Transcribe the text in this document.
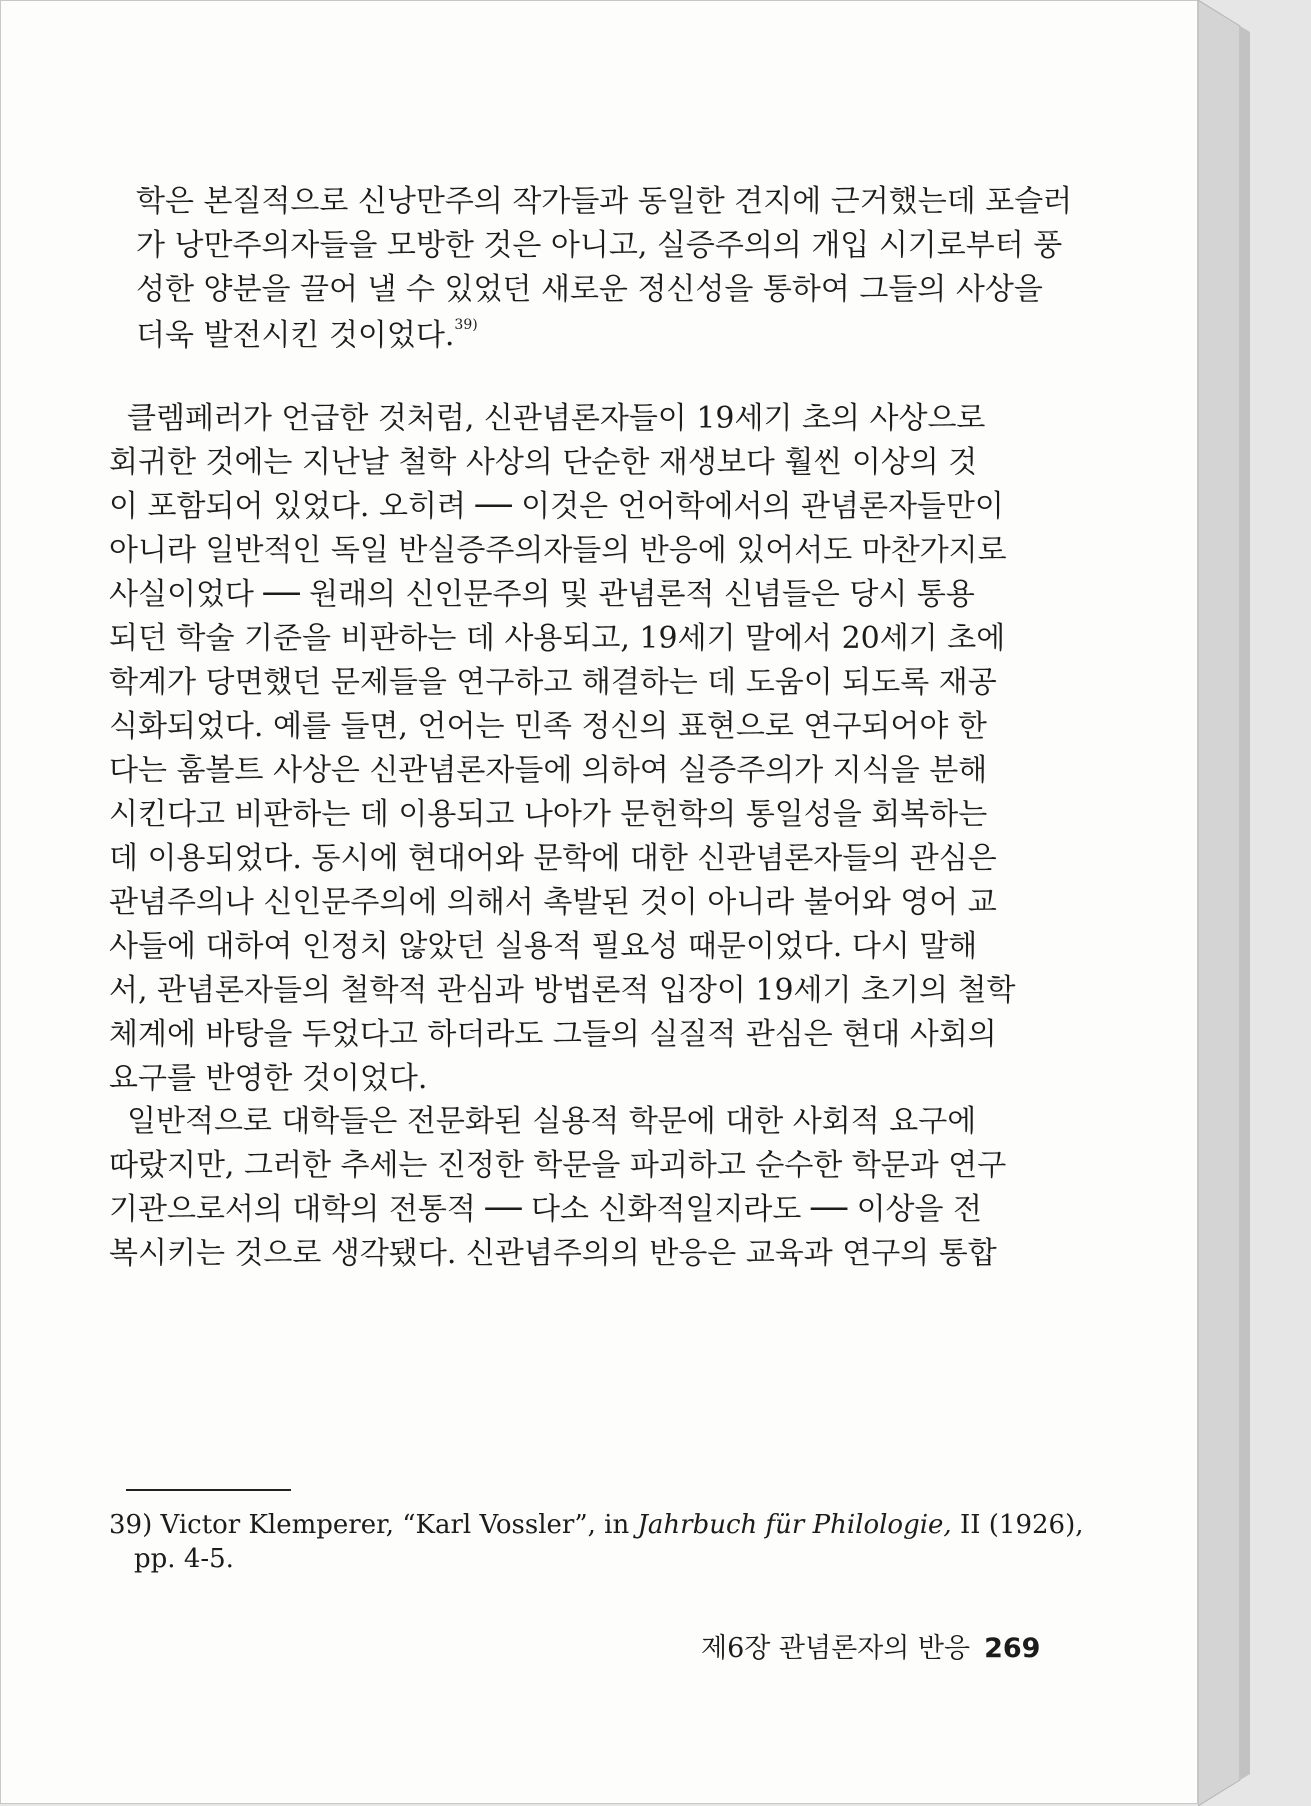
학은 본질적으로 신낭만주의 작가들과 동일한 견지에 근거했는데 포슬러
가 낭만주의자들을 모방한 것은 아니고, 실증주의의 개입 시기로부터 풍
성한 양분을 끌어 낼 수 있었던 새로운 정신성을 통하여 그들의 사상을
더욱 발전시킨 것이었다.$^{39)}$
클렘페러가 언급한 것처럼, 신관념론자들이 19세기 초의 사상으로
회귀한 것에는 지난날 철학 사상의 단순한 재생보다 훨씬 이상의 것
이 포함되어 있었다. 오히려 ── 이것은 언어학에서의 관념론자들만이
아니라 일반적인 독일 반실증주의자들의 반응에 있어서도 마찬가지로
사실이었다 ── 원래의 신인문주의 및 관념론적 신념들은 당시 통용
되던 학술 기준을 비판하는 데 사용되고, 19세기 말에서 20세기 초에
학계가 당면했던 문제들을 연구하고 해결하는 데 도움이 되도록 재공
식화되었다. 예를 들면, 언어는 민족 정신의 표현으로 연구되어야 한
다는 훔볼트 사상은 신관념론자들에 의하여 실증주의가 지식을 분해
시킨다고 비판하는 데 이용되고 나아가 문헌학의 통일성을 회복하는
데 이용되었다. 동시에 현대어와 문학에 대한 신관념론자들의 관심은
관념주의나 신인문주의에 의해서 촉발된 것이 아니라 불어와 영어 교
사들에 대하여 인정치 않았던 실용적 필요성 때문이었다. 다시 말해
서, 관념론자들의 철학적 관심과 방법론적 입장이 19세기 초기의 철학
체계에 바탕을 두었다고 하더라도 그들의 실질적 관심은 현대 사회의
요구를 반영한 것이었다.
일반적으로 대학들은 전문화된 실용적 학문에 대한 사회적 요구에
따랐지만, 그러한 추세는 진정한 학문을 파괴하고 순수한 학문과 연구
기관으로서의 대학의 전통적 ── 다소 신화적일지라도 ── 이상을 전
복시키는 것으로 생각됐다. 신관념주의의 반응은 교육과 연구의 통합
39) Victor Klemperer, “Karl Vossler”, in Jahrbuch für Philologie, II (1926),
pp. 4-5.
제6장 관념론자의 반응 269
